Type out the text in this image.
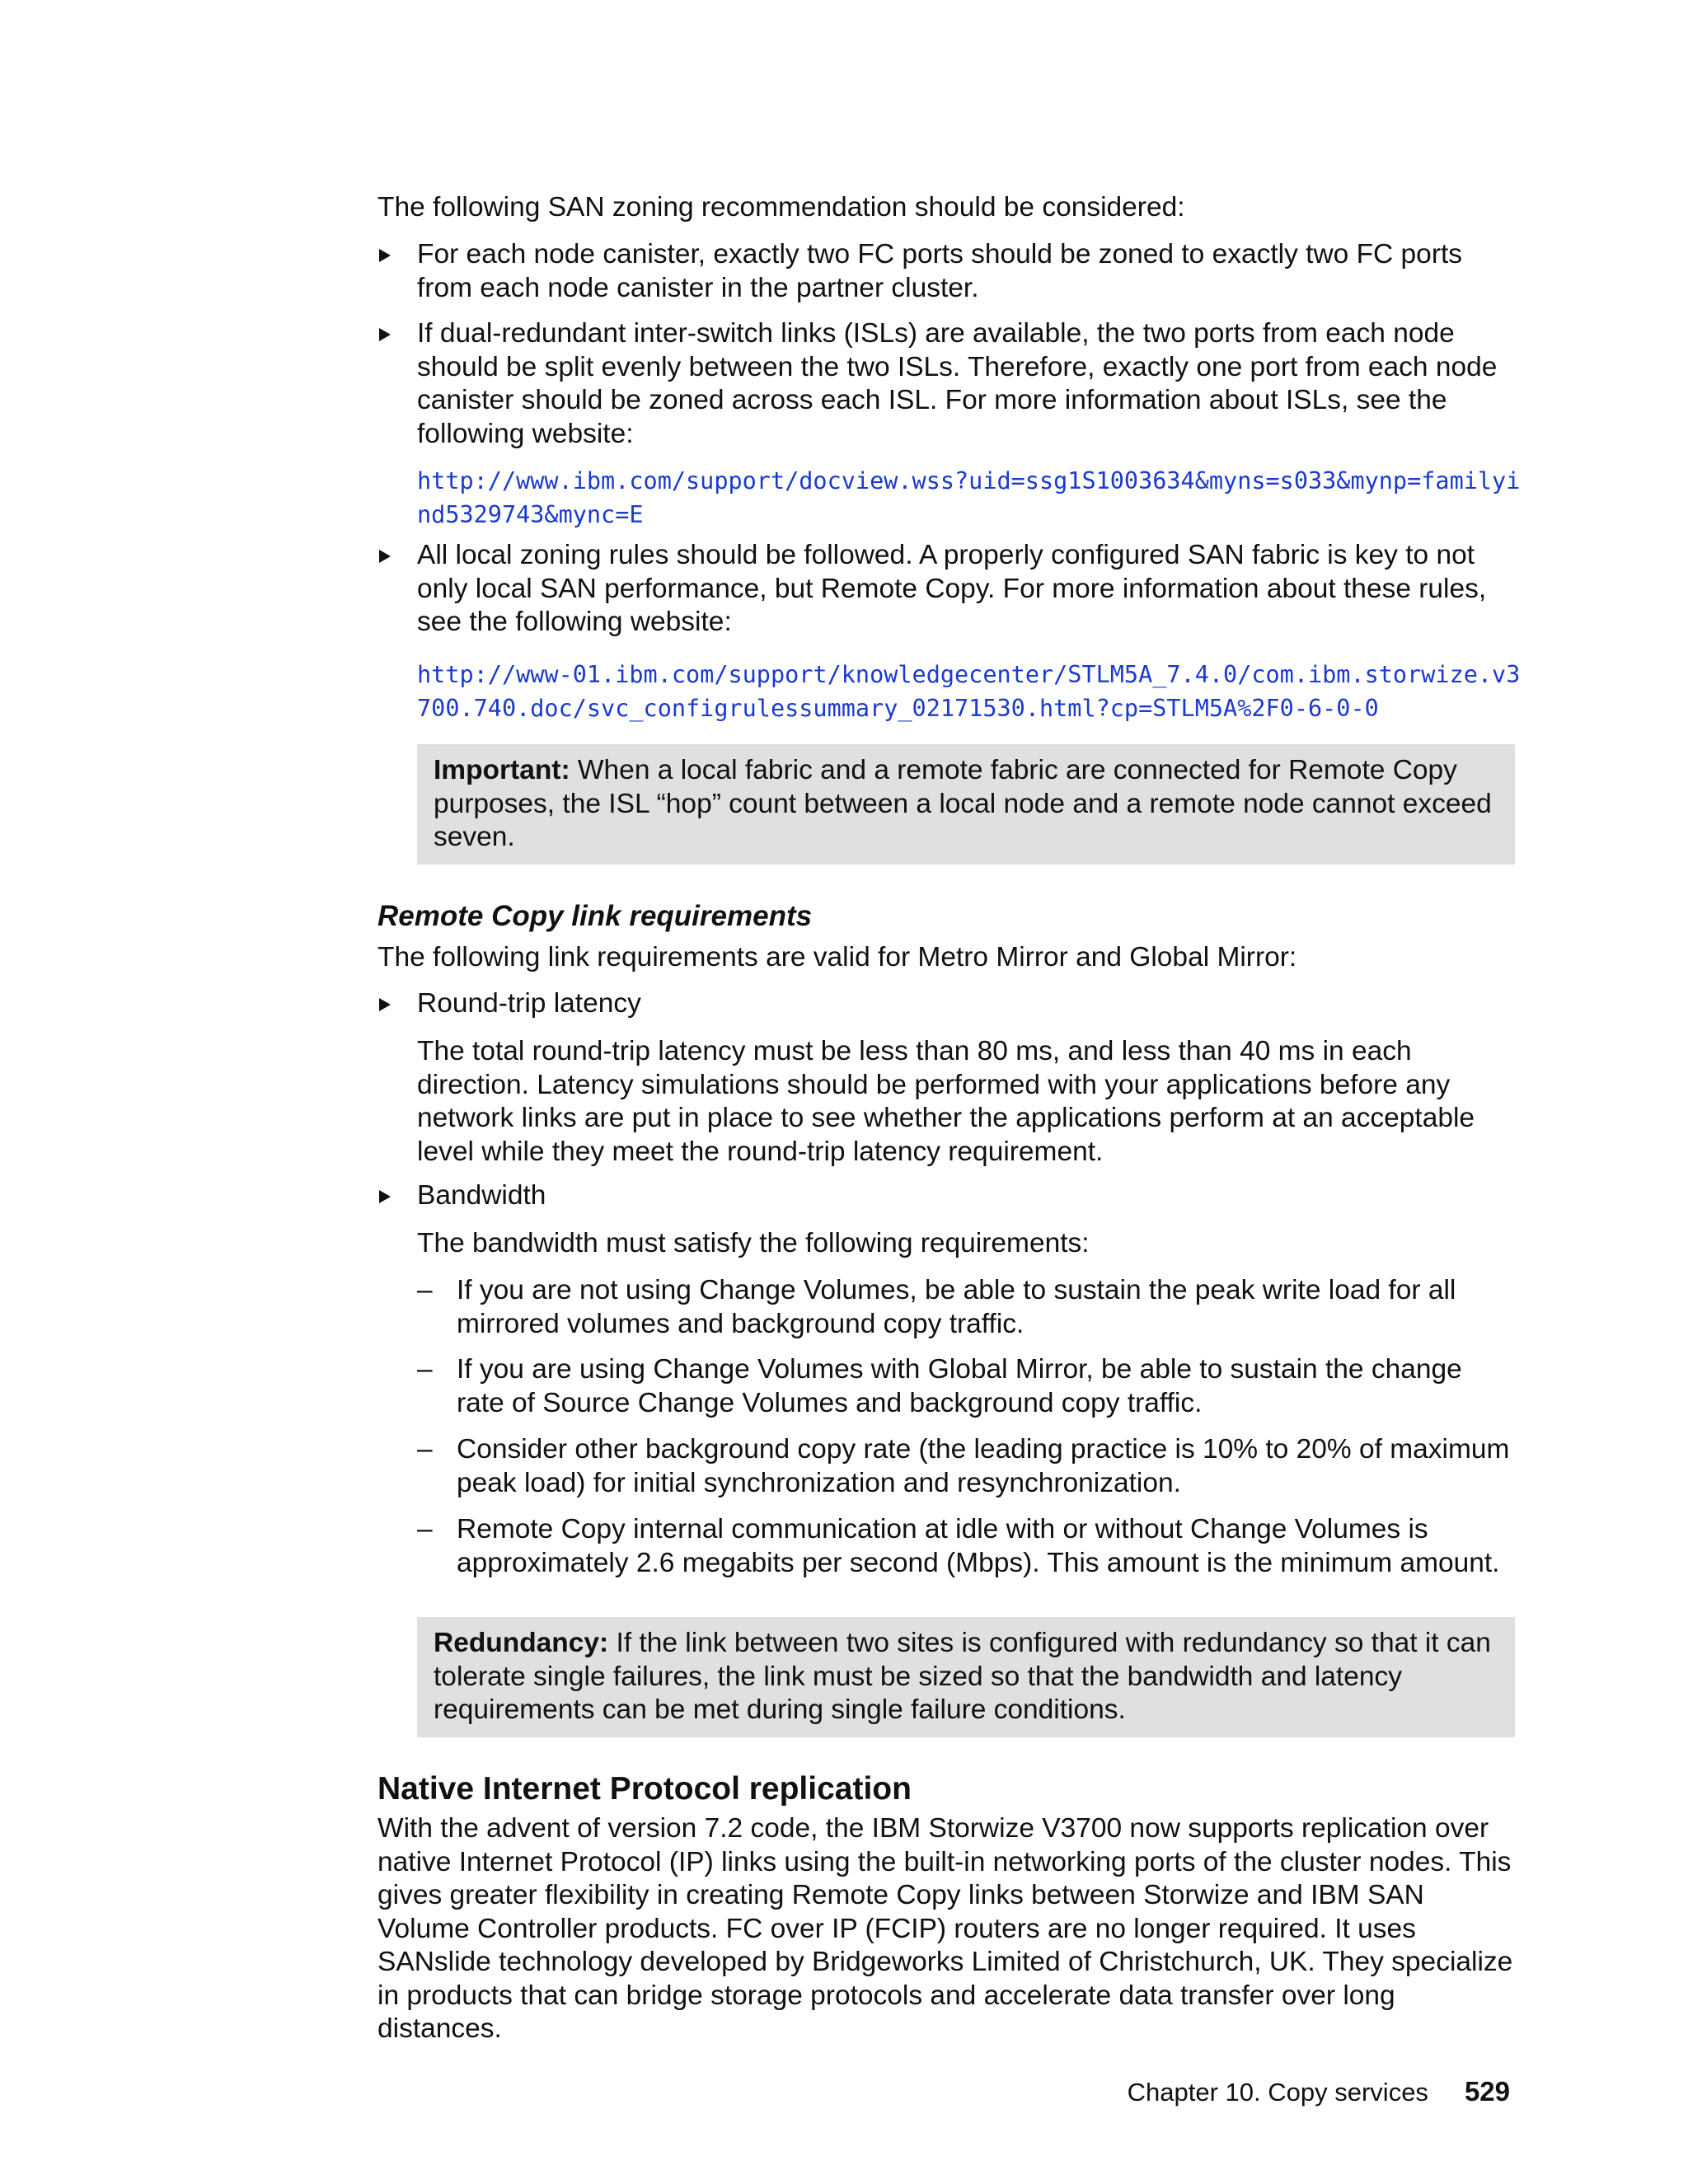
The following SAN zoning recommendation should be considered:

For each node canister, exactly two FC ports should be zoned to exactly two FC ports from each node canister in the partner cluster.

If dual-redundant inter-switch links (ISLs) are available, the two ports from each node should be split evenly between the two ISLs. Therefore, exactly one port from each node canister should be zoned across each ISL. For more information about ISLs, see the following website:

http://www.ibm.com/support/docview.wss?uid=ssg1S1003634&myns=s033&mynp=familyind5329743&mync=E

All local zoning rules should be followed. A properly configured SAN fabric is key to not only local SAN performance, but Remote Copy. For more information about these rules, see the following website:

http://www-01.ibm.com/support/knowledgecenter/STLM5A_7.4.0/com.ibm.storwize.v3700.740.doc/svc_configrulessummary_02171530.html?cp=STLM5A%2F0-6-0-0
Important: When a local fabric and a remote fabric are connected for Remote Copy purposes, the ISL “hop” count between a local node and a remote node cannot exceed seven.
Remote Copy link requirements

The following link requirements are valid for Metro Mirror and Global Mirror:

Round-trip latency

The total round-trip latency must be less than 80 ms, and less than 40 ms in each direction. Latency simulations should be performed with your applications before any network links are put in place to see whether the applications perform at an acceptable level while they meet the round-trip latency requirement.

Bandwidth

The bandwidth must satisfy the following requirements:

– If you are not using Change Volumes, be able to sustain the peak write load for all mirrored volumes and background copy traffic.

– If you are using Change Volumes with Global Mirror, be able to sustain the change rate of Source Change Volumes and background copy traffic.

– Consider other background copy rate (the leading practice is 10% to 20% of maximum peak load) for initial synchronization and resynchronization.

– Remote Copy internal communication at idle with or without Change Volumes is approximately 2.6 megabits per second (Mbps). This amount is the minimum amount.

Redundancy: If the link between two sites is configured with redundancy so that it can tolerate single failures, the link must be sized so that the bandwidth and latency requirements can be met during single failure conditions.
Native Internet Protocol replication

With the advent of version 7.2 code, the IBM Storwize V3700 now supports replication over native Internet Protocol (IP) links using the built-in networking ports of the cluster nodes. This gives greater flexibility in creating Remote Copy links between Storwize and IBM SAN Volume Controller products. FC over IP (FCIP) routers are no longer required. It uses SANslide technology developed by Bridgeworks Limited of Christchurch, UK. They specialize in products that can bridge storage protocols and accelerate data transfer over long distances.

Chapter 10. Copy services 529
